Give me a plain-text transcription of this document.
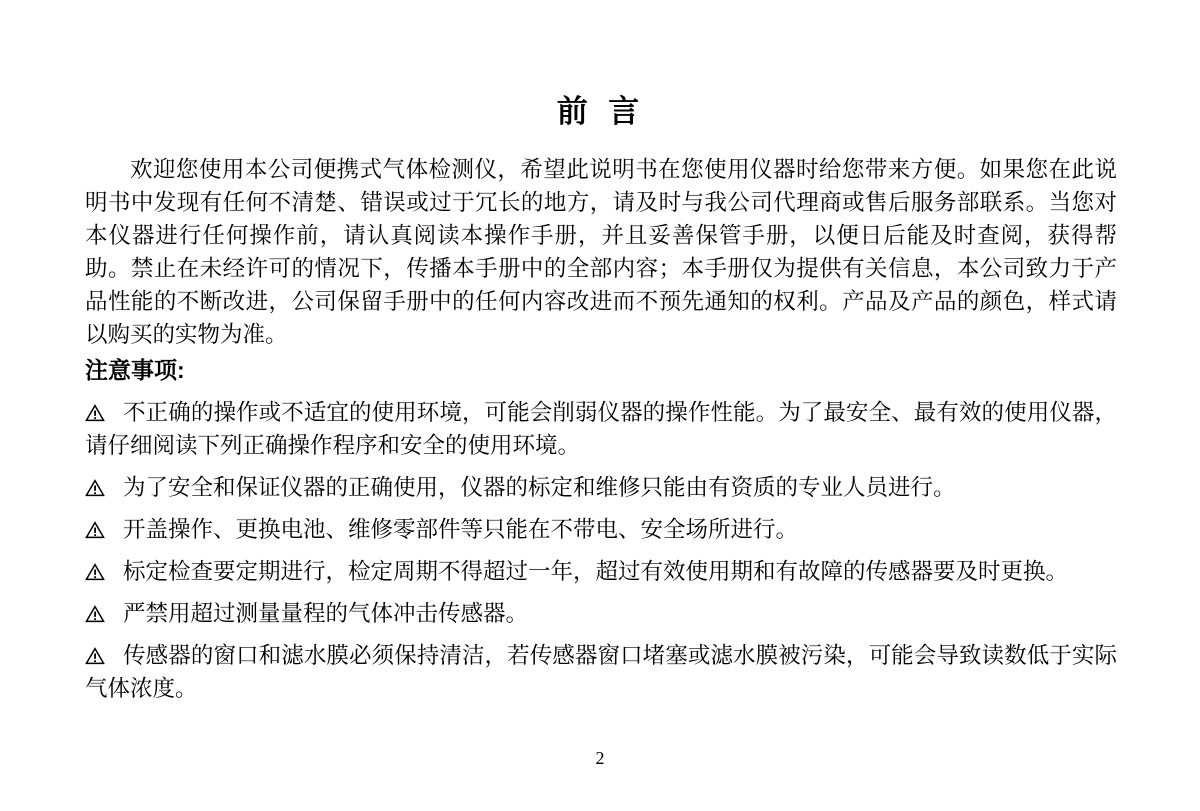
前 言

欢迎您使用本公司便携式气体检测仪，希望此说明书在您使用仪器时给您带来方便。如果您在此说明书中发现有任何不清楚、错误或过于冗长的地方，请及时与我公司代理商或售后服务部联系。当您对本仪器进行任何操作前，请认真阅读本操作手册，并且妥善保管手册，以便日后能及时查阅，获得帮助。禁止在未经许可的情况下，传播本手册中的全部内容；本手册仅为提供有关信息，本公司致力于产品性能的不断改进，公司保留手册中的任何内容改进而不预先通知的权利。产品及产品的颜色，样式请以购买的实物为准。

注意事项:

不正确的操作或不适宜的使用环境，可能会削弱仪器的操作性能。为了最安全、最有效的使用仪器，请仔细阅读下列正确操作程序和安全的使用环境。

为了安全和保证仪器的正确使用，仪器的标定和维修只能由有资质的专业人员进行。

开盖操作、更换电池、维修零部件等只能在不带电、安全场所进行。

标定检查要定期进行，检定周期不得超过一年，超过有效使用期和有故障的传感器要及时更换。

严禁用超过测量量程的气体冲击传感器。

传感器的窗口和滤水膜必须保持清洁，若传感器窗口堵塞或滤水膜被污染，可能会导致读数低于实际气体浓度。

2
